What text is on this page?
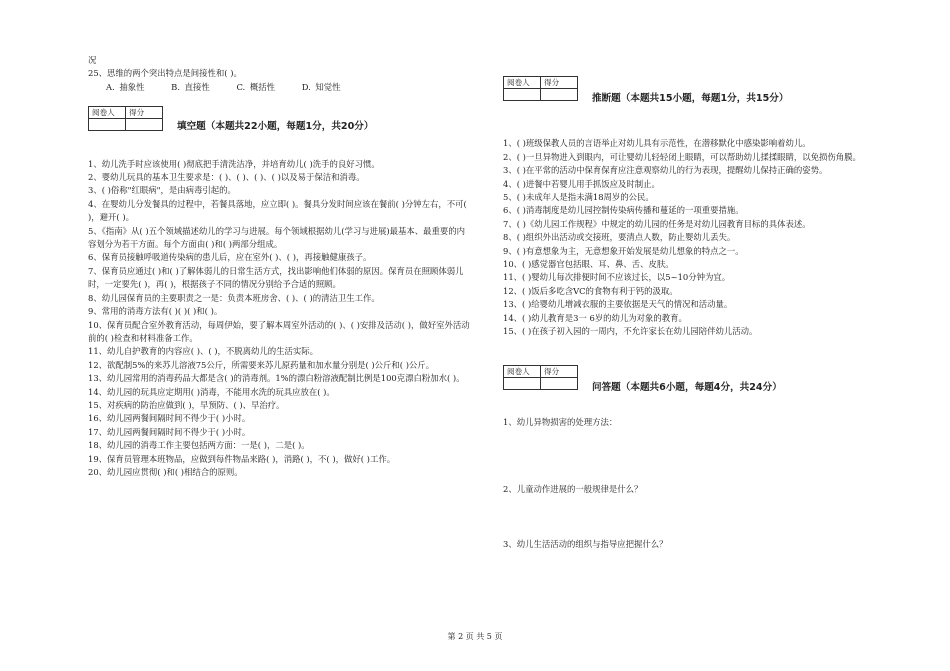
况
25、思维的两个突出特点是间接性和( )。
A. 抽象性	B. 直接性	C. 概括性	D. 知觉性
阅卷人	得分

填空题（本题共22小题，每题1分，共20分）
1、幼儿洗手时应该使用( )彻底把手清洗洁净，并培育幼儿( )洗手的良好习惯。
2、婴幼儿玩具的基本卫生要求是：( )、( )、( )、( )以及易于保洁和消毒。
3、( )俗称"红眼病"，是由病毒引起的。
4、在婴幼儿分发餐具的过程中，若餐具落地，应立即( )。餐具分发时间应该在餐前( )分钟左右，不可( )，避开( )。
5、《指南》从( )五个领域描述幼儿的学习与进展。每个领域根据幼儿(学习与进展)最基本、最重要的内容划分为若干方面。每个方面由( )和( )两部分组成。
6、保育员接触呼吸道传染病的患儿后，应在室外( )、( )，再接触健康孩子。
7、保育员应通过( )和( )了解体弱儿的日常生活方式，找出影响他们体弱的原因。保育员在照顾体弱儿时，一定要先( )，再( )，根据孩子不同的情况分别给予合适的照顾。
8、幼儿园保育员的主要职责之一是：负责本班房舍、( )、( )的清洁卫生工作。
9、常用的消毒方法有( )( )( )和( )。
10、保育员配合室外教育活动，每周伊始，要了解本周室外活动的( )、( )安排及活动( )，做好室外活动前的( )检查和材料准备工作。
11、幼儿自护教育的内容应( )、( )，不脱离幼儿的生活实际。
12、欲配制5%的来苏儿溶液75公斤，所需要来苏儿原药量和加水量分别是( )公斤和( )公斤。
13、幼儿园常用的消毒药品大都是含( )的消毒剂。1%的漂白粉溶液配制比例是100克漂白粉加水( )。
14、幼儿园的玩具应定期用( )消毒，不能用水洗的玩具应放在( )。
15、对疾病的防治应做到( )，早预防、( )、早治疗。
16、幼儿园两餐间隔时间不得少于( )小时。
17、幼儿园两餐间隔时间不得少于( )小时。
18、幼儿园的消毒工作主要包括两方面：一是( )，二是( )。
19、保育员管理本班物品，应做到每件物品来路( )，消路( )，不( )，做好( )工作。
20、幼儿园应贯彻( )和( )相结合的原则。
阅卷人	得分

推断题（本题共15小题，每题1分，共15分）
1、( )班级保教人员的言语举止对幼儿具有示范性，在潜移默化中感染影响着幼儿。
2、( )一旦异物进入到眼内，可让婴幼儿轻轻闭上眼睛，可以帮助幼儿揉揉眼睛，以免损伤角膜。
3、( )在平常的活动中保育保育应注意观察幼儿的行为表现，提醒幼儿保持正确的姿势。
4、( )进餐中若婴儿用手抓饭应及时制止。
5、( )未成年人是指未满18周岁的公民。
6、( )消毒制度是幼儿园控制传染病传播和蔓延的一项重要措施。
7、( )《幼儿园工作规程》中规定的幼儿园的任务是对幼儿园教育目标的具体表述。
8、( )组织外出活动或交接班，要清点人数，防止婴幼儿丢失。
9、( )有意想象为主，无意想象开始发展是幼儿想象的特点之一。
10、( )感觉器官包括眼、耳、鼻、舌、皮肤。
11、( )婴幼儿每次排便时间不应该过长，以5~10分钟为宜。
12、( )饭后多吃含VC的食物有利于钙的汲取。
13、( )给婴幼儿增减衣服的主要依据是天气的情况和活动量。
14、( )幼儿教育是3一 6岁的幼儿为对象的教育。
15、( )在孩子初入园的一周内，不允许家长在幼儿园陪伴幼儿活动。
阅卷人	得分

问答题（本题共6小题，每题4分，共24分）
1、幼儿异物损害的处理方法：
2、儿童动作进展的一般规律是什么？
3、幼儿生活活动的组织与指导应把握什么？
第 2 页 共 5 页
